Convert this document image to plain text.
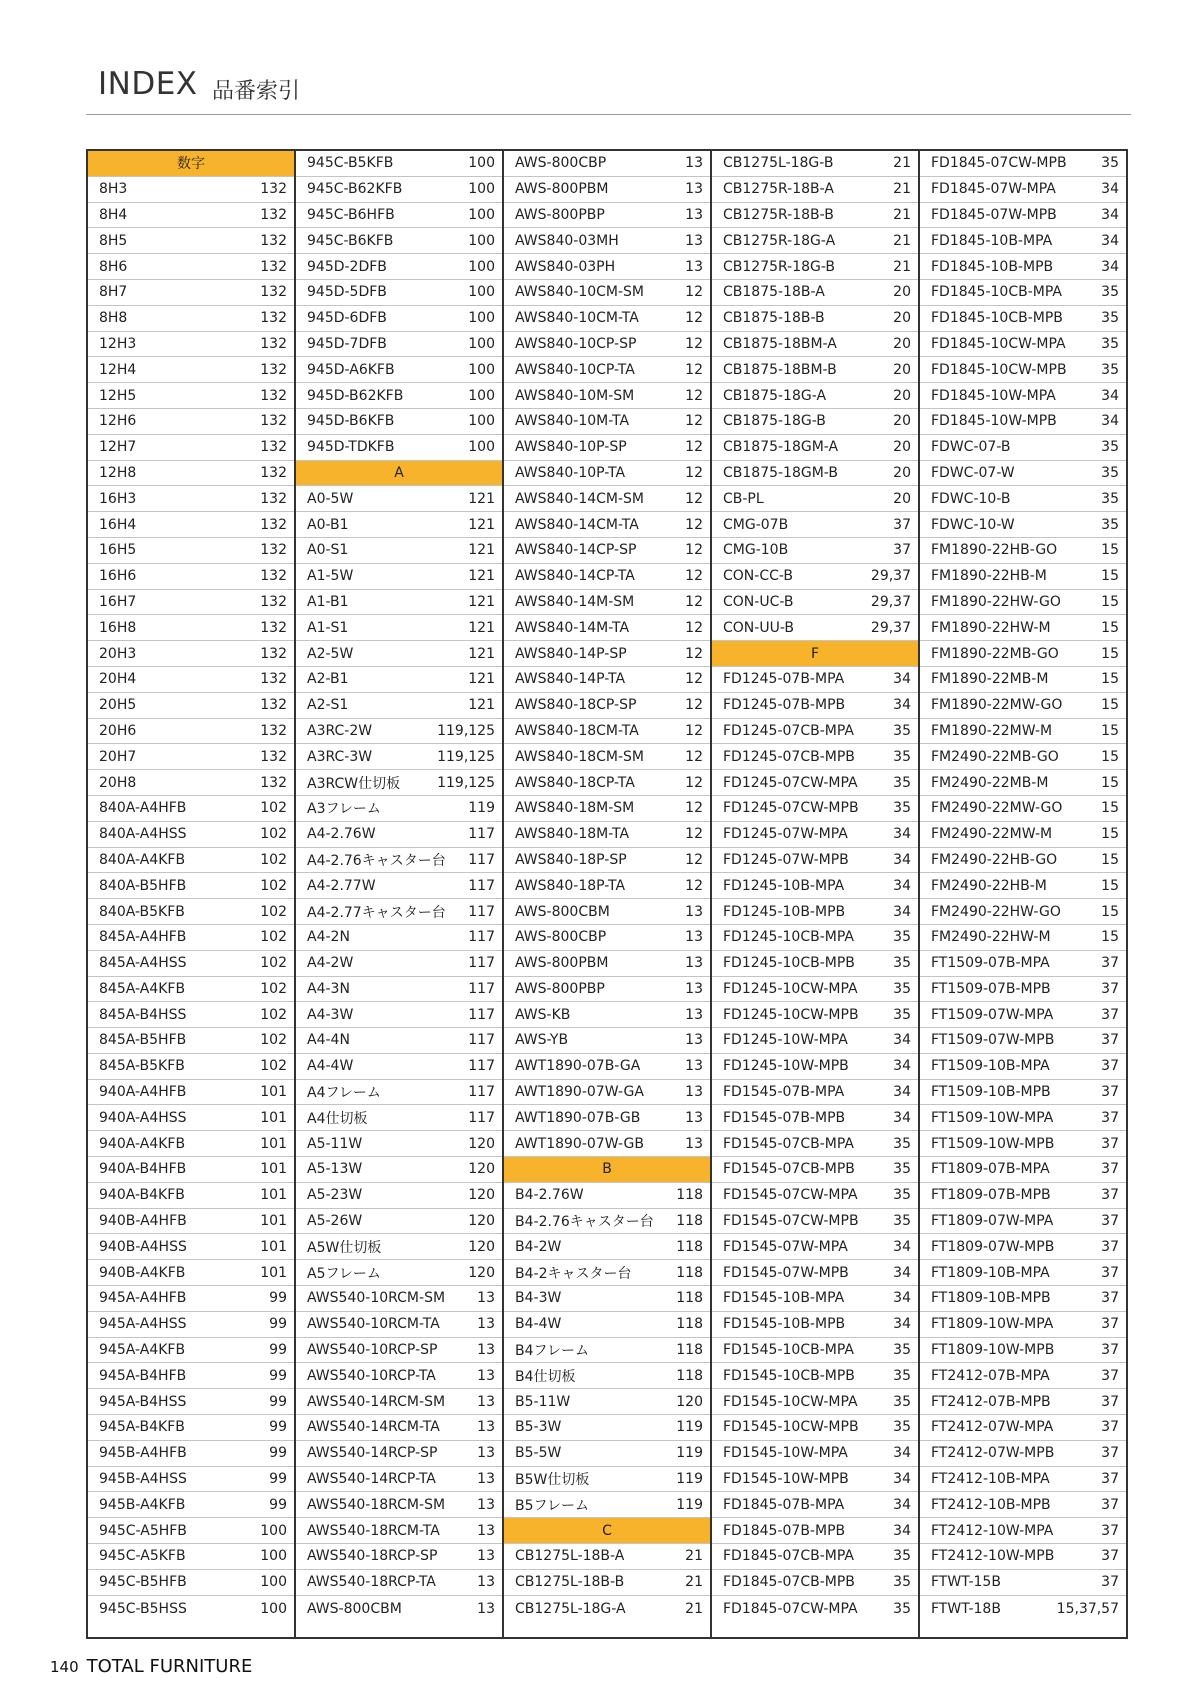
INDEX 品番索引
数字
8H3	132
8H4	132
8H5	132
8H6	132
8H7	132
8H8	132
12H3	132
12H4	132
12H5	132
12H6	132
12H7	132
12H8	132
16H3	132
16H4	132
16H5	132
16H6	132
16H7	132
16H8	132
20H3	132
20H4	132
20H5	132
20H6	132
20H7	132
20H8	132
840A-A4HFB	102
840A-A4HSS	102
840A-A4KFB	102
840A-B5HFB	102
840A-B5KFB	102
845A-A4HFB	102
845A-A4HSS	102
845A-A4KFB	102
845A-B4HSS	102
845A-B5HFB	102
845A-B5KFB	102
940A-A4HFB	101
940A-A4HSS	101
940A-A4KFB	101
940A-B4HFB	101
940A-B4KFB	101
940B-A4HFB	101
940B-A4HSS	101
940B-A4KFB	101
945A-A4HFB	99
945A-A4HSS	99
945A-A4KFB	99
945A-B4HFB	99
945A-B4HSS	99
945A-B4KFB	99
945B-A4HFB	99
945B-A4HSS	99
945B-A4KFB	99
945C-A5HFB	100
945C-A5KFB	100
945C-B5HFB	100
945C-B5HSS	100
945C-B5KFB	100
945C-B62KFB	100
945C-B6HFB	100
945C-B6KFB	100
945D-2DFB	100
945D-5DFB	100
945D-6DFB	100
945D-7DFB	100
945D-A6KFB	100
945D-B62KFB	100
945D-B6KFB	100
945D-TDKFB	100
A
A0-5W	121
A0-B1	121
A0-S1	121
A1-5W	121
A1-B1	121
A1-S1	121
A2-5W	121
A2-B1	121
A2-S1	121
A3RC-2W	119,125
A3RC-3W	119,125
A3RCW仕切板	119,125
A3フレーム	119
A4-2.76W	117
A4-2.76キャスター台 117
A4-2.77W	117
A4-2.77キャスター台 117
A4-2N	117
A4-2W	117
A4-3N	117
A4-3W	117
A4-4N	117
A4-4W	117
A4フレーム	117
A4仕切板	117
A5-11W	120
A5-13W	120
A5-23W	120
A5-26W	120
A5W仕切板	120
A5フレーム	120
AWS540-10RCM-SM 13
AWS540-10RCM-TA	13
AWS540-10RCP-SP	13
AWS540-10RCP-TA	13
AWS540-14RCM-SM 13
AWS540-14RCM-TA	13
AWS540-14RCP-SP	13
AWS540-14RCP-TA	13
AWS540-18RCM-SM 13
AWS540-18RCM-TA	13
AWS540-18RCP-SP	13
AWS540-18RCP-TA	13
AWS-800CBM	13
AWS-800CBP	13
AWS-800PBM	13
AWS-800PBP	13
AWS840-03MH	13
AWS840-03PH	13
AWS840-10CM-SM	12
AWS840-10CM-TA	12
AWS840-10CP-SP	12
AWS840-10CP-TA	12
AWS840-10M-SM	12
AWS840-10M-TA	12
AWS840-10P-SP	12
AWS840-10P-TA	12
AWS840-14CM-SM	12
AWS840-14CM-TA	12
AWS840-14CP-SP	12
AWS840-14CP-TA	12
AWS840-14M-SM	12
AWS840-14M-TA	12
AWS840-14P-SP	12
AWS840-14P-TA	12
AWS840-18CP-SP	12
AWS840-18CM-TA	12
AWS840-18CM-SM	12
AWS840-18CP-TA	12
AWS840-18M-SM	12
AWS840-18M-TA	12
AWS840-18P-SP	12
AWS840-18P-TA	12
AWS-800CBM	13
AWS-800CBP	13
AWS-800PBM	13
AWS-800PBP	13
AWS-KB	13
AWS-YB	13
AWT1890-07B-GA	13
AWT1890-07W-GA	13
AWT1890-07B-GB	13
AWT1890-07W-GB	13
B
B4-2.76W	118
B4-2.76キャスター台 118
B4-2W	118
B4-2キャスター台	118
B4-3W	118
B4-4W	118
B4フレーム	118
B4仕切板	118
B5-11W	120
B5-3W	119
B5-5W	119
B5W仕切板	119
B5フレーム	119
C
CB1275L-18B-A	21
CB1275L-18B-B	21
CB1275L-18G-A	21
CB1275L-18G-B	21
CB1275R-18B-A	21
CB1275R-18B-B	21
CB1275R-18G-A	21
CB1275R-18G-B	21
CB1875-18B-A	20
CB1875-18B-B	20
CB1875-18BM-A	20
CB1875-18BM-B	20
CB1875-18G-A	20
CB1875-18G-B	20
CB1875-18GM-A	20
CB1875-18GM-B	20
CB-PL	20
CMG-07B	37
CMG-10B	37
CON-CC-B	29,37
CON-UC-B	29,37
CON-UU-B	29,37
F
FD1245-07B-MPA	34
FD1245-07B-MPB	34
FD1245-07CB-MPA	35
FD1245-07CB-MPB	35
FD1245-07CW-MPA	35
FD1245-07CW-MPB 35
FD1245-07W-MPA	34
FD1245-07W-MPB	34
FD1245-10B-MPA	34
FD1245-10B-MPB	34
FD1245-10CB-MPA	35
FD1245-10CB-MPB	35
FD1245-10CW-MPA	35
FD1245-10CW-MPB 35
FD1245-10W-MPA	34
FD1245-10W-MPB	34
FD1545-07B-MPA	34
FD1545-07B-MPB	34
FD1545-07CB-MPA	35
FD1545-07CB-MPB	35
FD1545-07CW-MPA	35
FD1545-07CW-MPB 35
FD1545-07W-MPA	34
FD1545-07W-MPB	34
FD1545-10B-MPA	34
FD1545-10B-MPB	34
FD1545-10CB-MPA	35
FD1545-10CB-MPB	35
FD1545-10CW-MPA	35
FD1545-10CW-MPB 35
FD1545-10W-MPA	34
FD1545-10W-MPB	34
FD1845-07B-MPA	34
FD1845-07B-MPB	34
FD1845-07CB-MPA	35
FD1845-07CB-MPB	35
FD1845-07CW-MPA	35
FD1845-07CW-MPB 35
FD1845-07W-MPA	34
FD1845-07W-MPB	34
FD1845-10B-MPA	34
FD1845-10B-MPB	34
FD1845-10CB-MPA	35
FD1845-10CB-MPB	35
FD1845-10CW-MPA	35
FD1845-10CW-MPB 35
FD1845-10W-MPA	34
FD1845-10W-MPB	34
FDWC-07-B	35
FDWC-07-W	35
FDWC-10-B	35
FDWC-10-W	35
FM1890-22HB-GO	15
FM1890-22HB-M	15
FM1890-22HW-GO	15
FM1890-22HW-M	15
FM1890-22MB-GO	15
FM1890-22MB-M	15
FM1890-22MW-GO	15
FM1890-22MW-M	15
FM2490-22MB-GO	15
FM2490-22MB-M	15
FM2490-22MW-GO	15
FM2490-22MW-M	15
FM2490-22HB-GO	15
FM2490-22HB-M	15
FM2490-22HW-GO	15
FM2490-22HW-M	15
FT1509-07B-MPA	37
FT1509-07B-MPB	37
FT1509-07W-MPA	37
FT1509-07W-MPB	37
FT1509-10B-MPA	37
FT1509-10B-MPB	37
FT1509-10W-MPA	37
FT1509-10W-MPB	37
FT1809-07B-MPA	37
FT1809-07B-MPB	37
FT1809-07W-MPA	37
FT1809-07W-MPB	37
FT1809-10B-MPA	37
FT1809-10B-MPB	37
FT1809-10W-MPA	37
FT1809-10W-MPB	37
FT2412-07B-MPA	37
FT2412-07B-MPB	37
FT2412-07W-MPA	37
FT2412-07W-MPB	37
FT2412-10B-MPA	37
FT2412-10B-MPB	37
FT2412-10W-MPA	37
FT2412-10W-MPB	37
FTWT-15B	37
FTWT-18B	15,37,57
140 TOTAL FURNITURE
